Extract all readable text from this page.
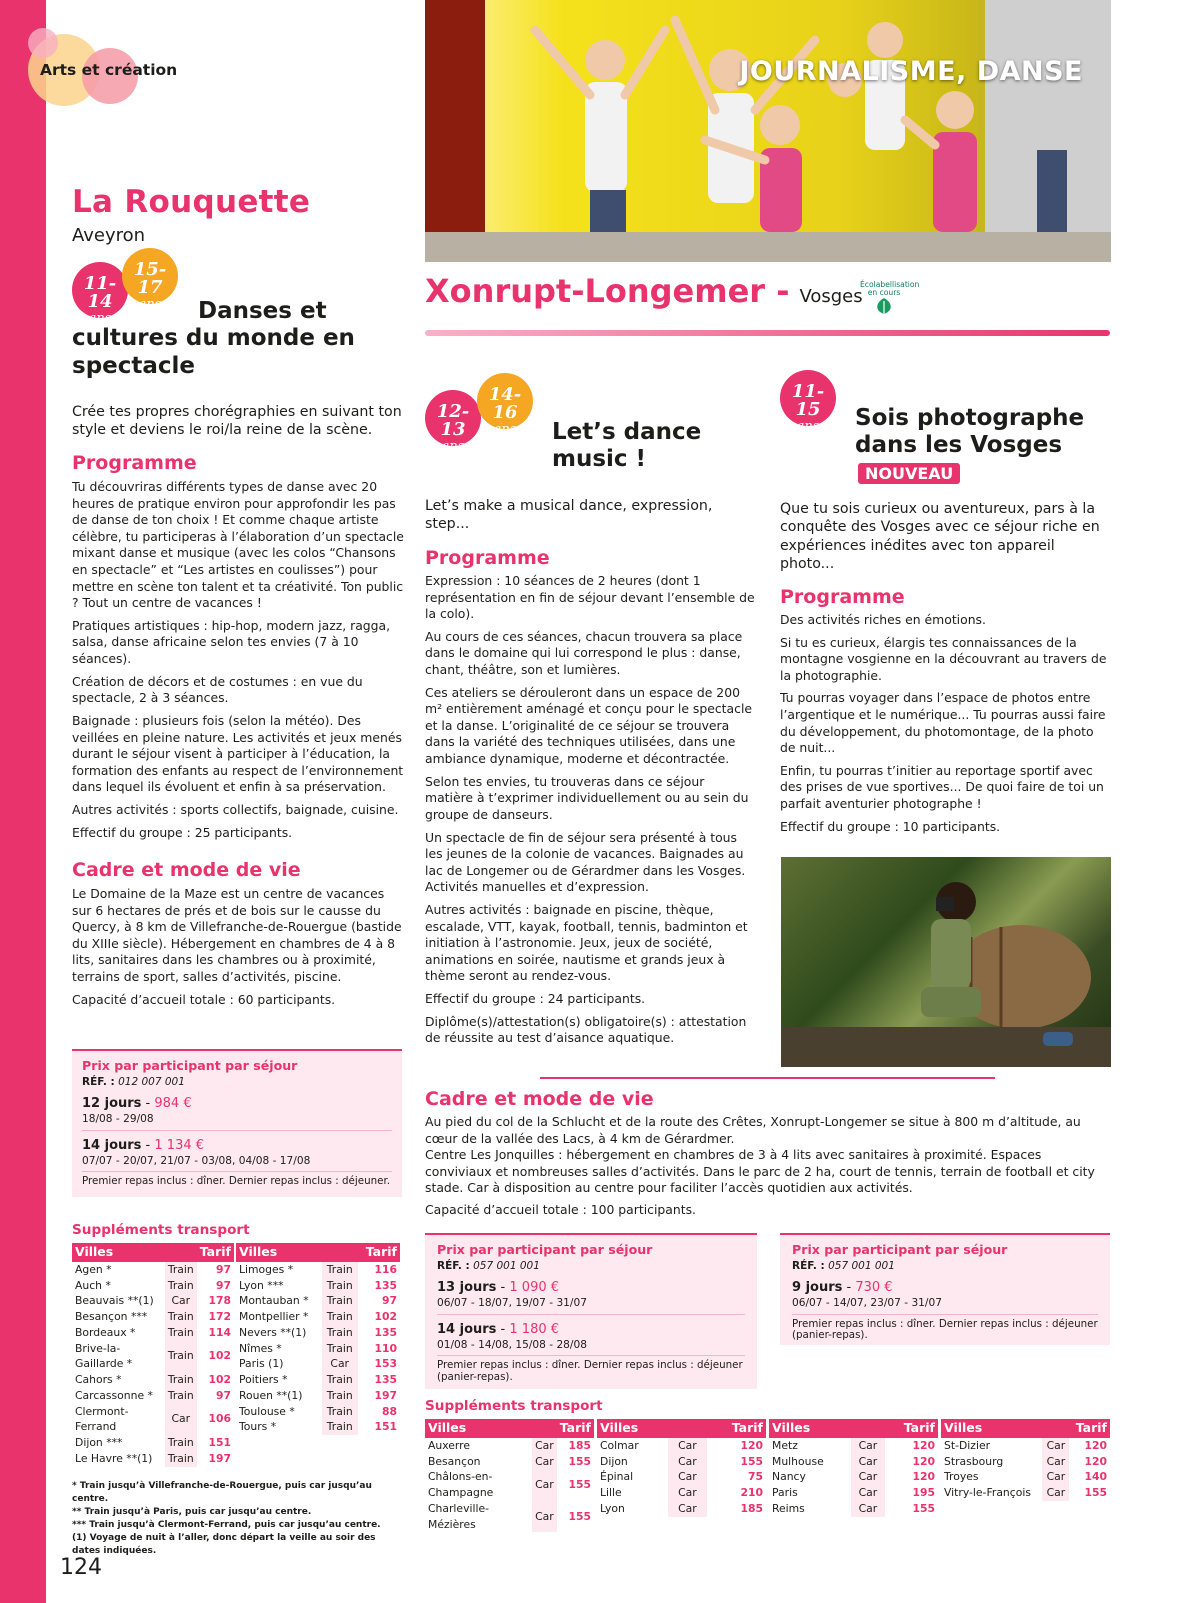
Arts et création
La Rouquette
Aveyron
11-14
ans
15-17
ans	Danses et cultures du monde en spectacle
Crée tes propres chorégraphies en suivant ton style et deviens le roi/la reine de la scène.
Programme

Tu découvriras différents types de danse avec 20 heures de pratique environ pour approfondir les pas de danse de ton choix ! Et comme chaque artiste célèbre, tu participeras à l’élaboration d’un spectacle mixant danse et musique (avec les colos “Chansons en spectacle” et “Les artistes en coulisses”) pour mettre en scène ton talent et ta créativité. Ton public ? Tout un centre de vacances !

Pratiques artistiques : hip-hop, modern jazz, ragga, salsa, danse africaine selon tes envies (7 à 10 séances).

Création de décors et de costumes : en vue du spectacle, 2 à 3 séances.

Baignade : plusieurs fois (selon la météo). Des veillées en pleine nature. Les activités et jeux menés durant le séjour visent à participer à l’éducation, la formation des enfants au respect de l’environnement dans lequel ils évoluent et enfin à sa préservation.

Autres activités : sports collectifs, baignade, cuisine.

Effectif du groupe : 25 participants.

Cadre et mode de vie

Le Domaine de la Maze est un centre de vacances sur 6 hectares de prés et de bois sur le causse du Quercy, à 8 km de Villefranche-de-Rouergue (bastide du XIIIe siècle). Hébergement en chambres de 4 à 8 lits, sanitaires dans les chambres ou à proximité, terrains de sport, salles d’activités, piscine.

Capacité d’accueil totale : 60 participants.

Prix par participant par séjour
RÉF. : 012 007 001
12 jours - 984 €
18/08 - 29/08
14 jours - 1 134 €
07/07 - 20/07, 21/07 - 03/08, 04/08 - 17/08
Premier repas inclus : dîner. Dernier repas inclus : déjeuner.
Suppléments transport
Villes		Tarif
Agen *	Train	97
Auch *	Train	97
Beauvais **(1)	Car	178
Besançon ***	Train	172
Bordeaux *	Train	114
Brive-la-Gaillarde *	Train	102
Cahors *	Train	102
Carcassonne *	Train	97
Clermont-Ferrand	Car	106
Dijon ***	Train	151
Le Havre **(1)	Train	197
Villes		Tarif
Limoges *	Train	116
Lyon ***	Train	135
Montauban *	Train	97
Montpellier *	Train	102
Nevers **(1)	Train	135
Nîmes *	Train	110
Paris (1)	Car	153
Poitiers *	Train	135
Rouen **(1)	Train	197
Toulouse *	Train	88
Tours *	Train	151
* Train jusqu’à Villefranche-de-Rouergue, puis car jusqu’au centre.
** Train jusqu’à Paris, puis car jusqu’au centre.
*** Train jusqu’à Clermont-Ferrand, puis car jusqu’au centre.
(1) Voyage de nuit à l’aller, donc départ la veille au soir des dates indiquées.
124
JOURNALISME, DANSE
Xonrupt-Longemer - Vosges
Écolabellisation en cours
12-13
ans
14-16
ans	Let’s dance music !
Let’s make a musical dance, expression, step...
Programme

Expression : 10 séances de 2 heures (dont 1 représentation en fin de séjour devant l’ensemble de la colo).

Au cours de ces séances, chacun trouvera sa place dans le domaine qui lui correspond le plus : danse, chant, théâtre, son et lumières.

Ces ateliers se dérouleront dans un espace de 200 m² entièrement aménagé et conçu pour le spectacle et la danse. L’originalité de ce séjour se trouvera dans la variété des techniques utilisées, dans une ambiance dynamique, moderne et décontractée.

Selon tes envies, tu trouveras dans ce séjour matière à t’exprimer individuellement ou au sein du groupe de danseurs.

Un spectacle de fin de séjour sera présenté à tous les jeunes de la colonie de vacances. Baignades au lac de Longemer ou de Gérardmer dans les Vosges. Activités manuelles et d’expression.

Autres activités : baignade en piscine, thèque, escalade, VTT, kayak, football, tennis, badminton et initiation à l’astronomie. Jeux, jeux de société, animations en soirée, nautisme et grands jeux à thème seront au rendez-vous.

Effectif du groupe : 24 participants.

Diplôme(s)/attestation(s) obligatoire(s) : attestation de réussite au test d’aisance aquatique.

11-15
ans	Sois photographe dans les Vosges
NOUVEAU
Que tu sois curieux ou aventureux, pars à la conquête des Vosges avec ce séjour riche en expériences inédites avec ton appareil photo...
Programme

Des activités riches en émotions.

Si tu es curieux, élargis tes connaissances de la montagne vosgienne en la découvrant au travers de la photographie.

Tu pourras voyager dans l’espace de photos entre l’argentique et le numérique... Tu pourras aussi faire du développement, du photomontage, de la photo de nuit...

Enfin, tu pourras t’initier au reportage sportif avec des prises de vue sportives... De quoi faire de toi un parfait aventurier photographe !

Effectif du groupe : 10 participants.

Cadre et mode de vie

Au pied du col de la Schlucht et de la route des Crêtes, Xonrupt-Longemer se situe à 800 m d’altitude, au cœur de la vallée des Lacs, à 4 km de Gérardmer.

Centre Les Jonquilles : hébergement en chambres de 3 à 4 lits avec sanitaires à proximité. Espaces conviviaux et nombreuses salles d’activités. Dans le parc de 2 ha, court de tennis, terrain de football et city stade. Car à disposition au centre pour faciliter l’accès quotidien aux activités.

Capacité d’accueil totale : 100 participants.

Prix par participant par séjour
RÉF. : 057 001 001
13 jours - 1 090 €
06/07 - 18/07, 19/07 - 31/07
14 jours - 1 180 €
01/08 - 14/08, 15/08 - 28/08
Premier repas inclus : dîner. Dernier repas inclus : déjeuner (panier-repas).
Prix par participant par séjour
RÉF. : 057 001 001
9 jours - 730 €
06/07 - 14/07, 23/07 - 31/07
Premier repas inclus : dîner. Dernier repas inclus : déjeuner (panier-repas).
Suppléments transport
Villes		Tarif
Auxerre	Car	185
Besançon	Car	155
Châlons-en-Champagne	Car	155
Charleville-Mézières	Car	155
Villes		Tarif
Colmar	Car	120
Dijon	Car	155
Épinal	Car	75
Lille	Car	210
Lyon	Car	185
Villes		Tarif
Metz	Car	120
Mulhouse	Car	120
Nancy	Car	120
Paris	Car	195
Reims	Car	155
Villes		Tarif
St-Dizier	Car	120
Strasbourg	Car	120
Troyes	Car	140
Vitry-le-François	Car	155
